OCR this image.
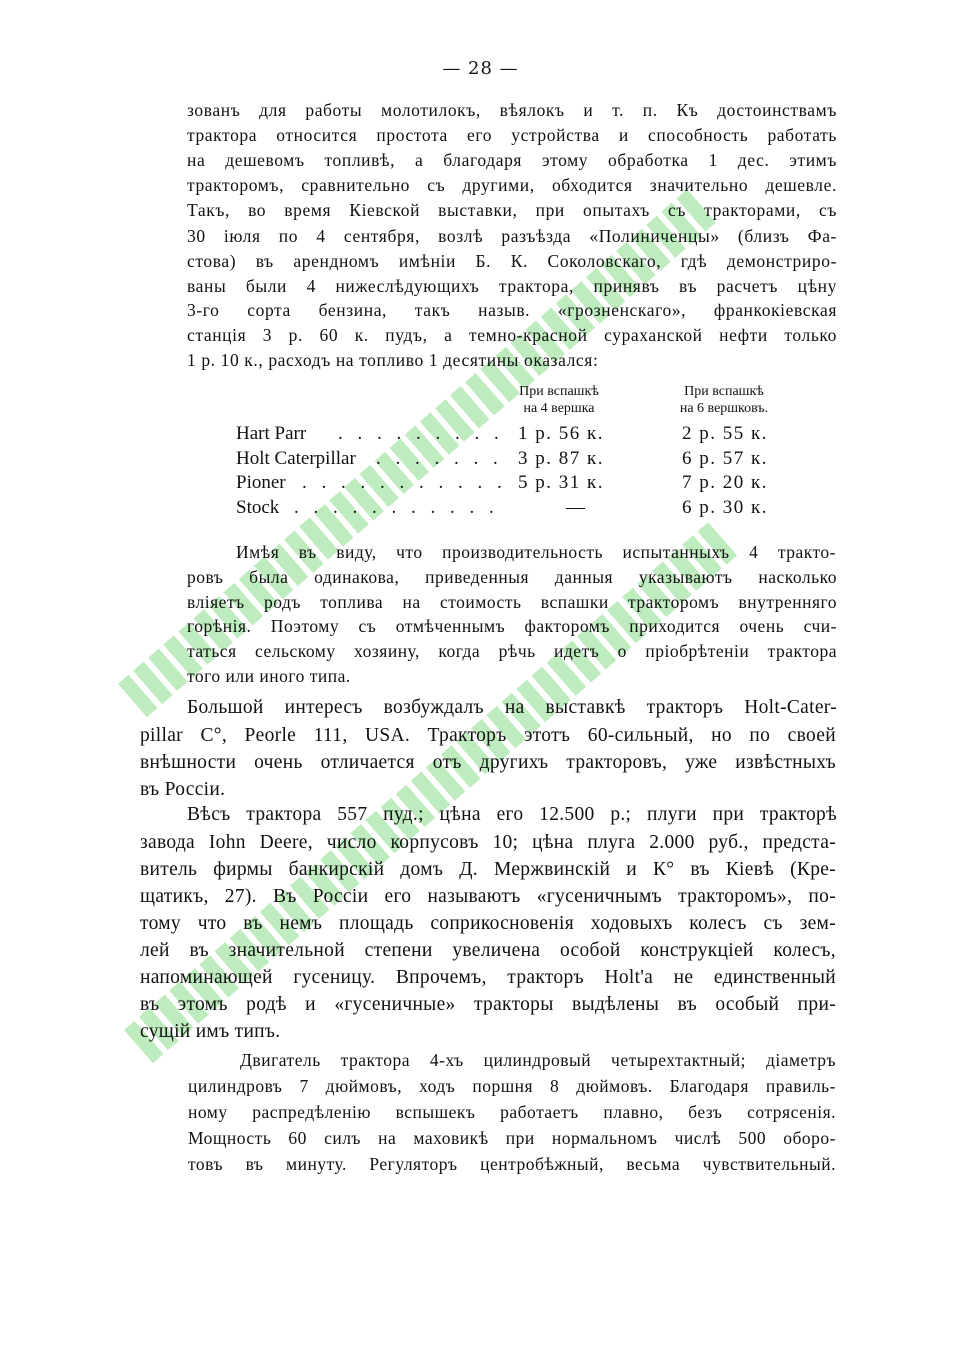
— 28 —
зованъ для работы молотилокъ, вѣялокъ и т. п. Къ достоинствамъ
трактора относится простота его устройства и способность работать
на дешевомъ топливѣ, а благодаря этому обработка 1 дес. этимъ
тракторомъ, сравнительно съ другими, обходится значительно дешевле.
Такъ, во время Кіевской выставки, при опытахъ съ тракторами, съ
30 іюля по 4 сентября, возлѣ разъѣзда «Полиниченцы» (близъ Фа-
стова) въ арендномъ имѣніи Б. К. Соколовскаго, гдѣ демонстриро-
ваны были 4 нижеслѣдующихъ трактора, принявъ въ расчетъ цѣну
3-го сорта бензина, такъ назыв. «грозненскаго», франкокіевская
станція 3 р. 60 к. пудъ, а темно-красной сураханской нефти только
1 р. 10 к., расходъ на топливо 1 десятины оказался:
При вспашкѣ
на 4 вершка
При вспашкѣ
на 6 вершковъ.
. . . . . . . . .
Hart Parr	1 р. 56 к.	2 р. 55 к.
. . . . . . .
Holt Caterpillar	3 р. 87 к.	6 р. 57 к.
. . . . . . . . . . .
Pioner	5 р. 31 к.	7 р. 20 к.
. . . . . . . . . . .
Stock	—	6 р. 30 к.
Имѣя въ виду, что производительность испытанныхъ 4 тракто-
ровъ была одинакова, приведенныя данныя указываютъ насколько
вліяетъ родъ топлива на стоимость вспашки тракторомъ внутренняго
горѣнія. Поэтому съ отмѣченнымъ факторомъ приходится очень счи-
таться сельскому хозяину, когда рѣчь идетъ о пріобрѣтеніи трактора
того или иного типа.
Большой интересъ возбуждалъ на выставкѣ тракторъ Holt-Cater-
pillar C°, Peorle 111, USA. Тракторъ этотъ 60-сильный, но по своей
внѣшности очень отличается отъ другихъ тракторовъ, уже извѣстныхъ
въ Россіи.
Вѣсъ трактора 557 пуд.; цѣна его 12.500 р.; плуги при тракторѣ
завода Iohn Deere, число корпусовъ 10; цѣна плуга 2.000 руб., предста-
витель фирмы банкирскій домъ Д. Мержвинскій и К° въ Кіевѣ (Кре-
щатикъ, 27). Въ Россіи его называютъ «гусеничнымъ тракторомъ», по-
тому что въ немъ площадь соприкосновенія ходовыхъ колесъ съ зем-
лей въ значительной степени увеличена особой конструкціей колесъ,
напоминающей гусеницу. Впрочемъ, тракторъ Holt'а не единственный
въ этомъ родѣ и «гусеничные» тракторы выдѣлены въ особый при-
сущій имъ типъ.
Двигатель трактора 4-хъ цилиндровый четырехтактный; діаметръ
цилиндровъ 7 дюймовъ, ходъ поршня 8 дюймовъ. Благодаря правиль-
ному распредѣленію вспышекъ работаетъ плавно, безъ сотрясенія.
Мощность 60 силъ на маховикѣ при нормальномъ числѣ 500 оборо-
товъ въ минуту. Регуляторъ центробѣжный, весьма чувствительный.
